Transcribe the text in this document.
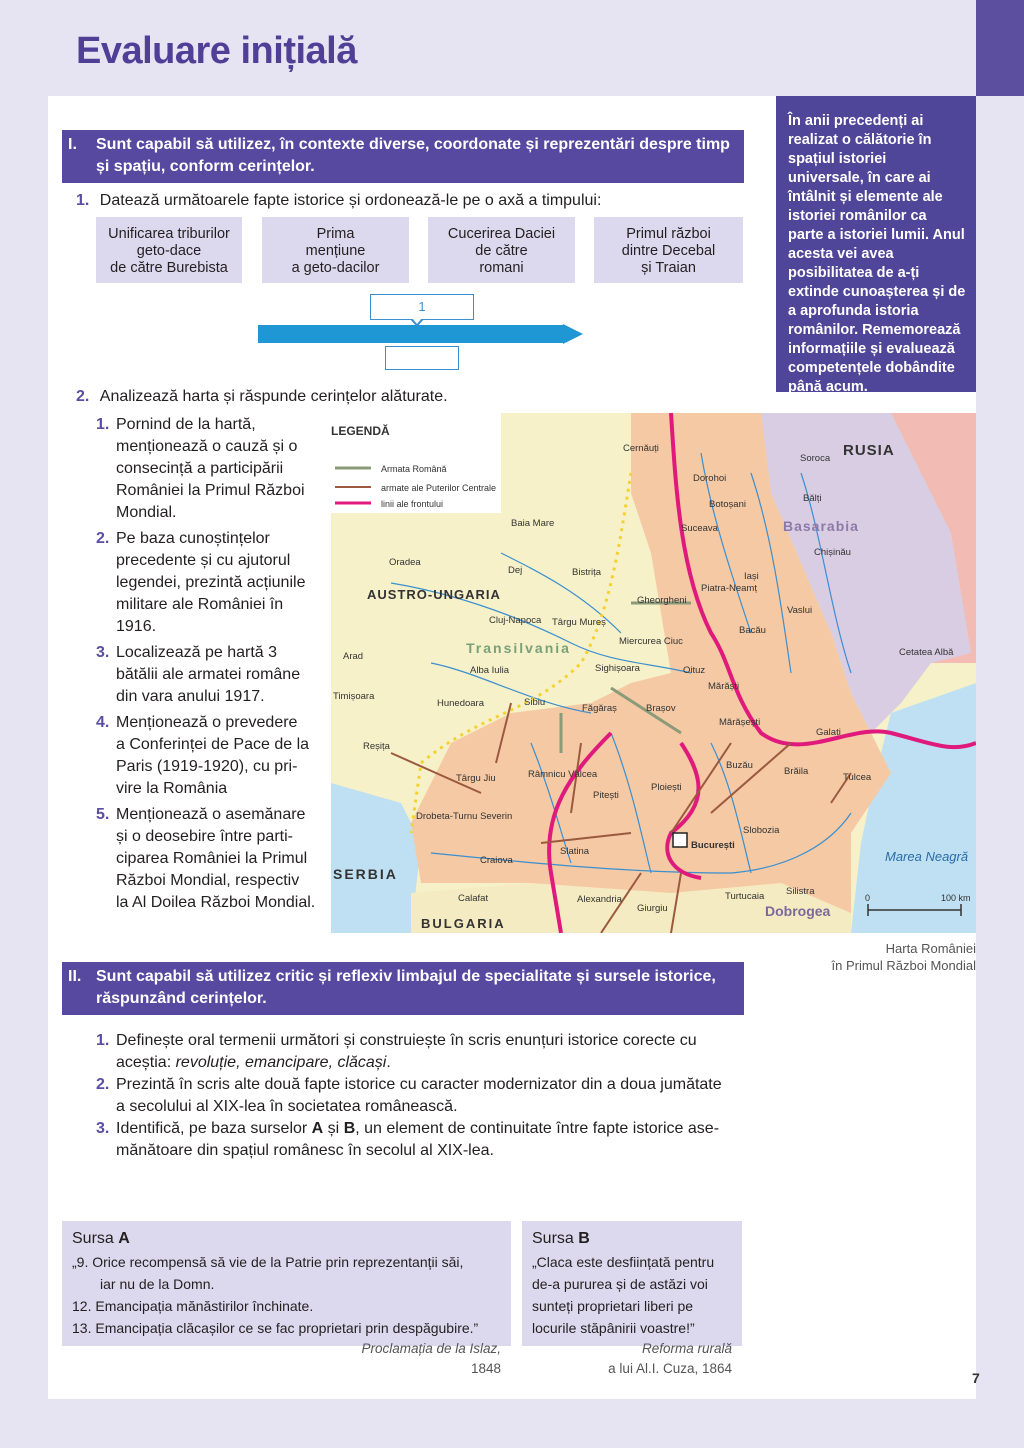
Evaluare inițială
În anii precedenți ai realizat o călătorie în spațiul istoriei universale, în care ai întâlnit și elemente ale istoriei românilor ca parte a istoriei lumii. Anul acesta vei avea posibilitatea de a-ți extinde cunoașterea și de a aprofunda istoria românilor. Rememorează informațiile și evaluează competențele dobândite până acum.
I. Sunt capabil să utilizez, în contexte diverse, coordonate și reprezentări despre timp și spațiu, conform cerințelor.
1. Datează următoarele fapte istorice și ordonează-le pe o axă a timpului:
Unificarea triburilor
geto-dace
de către Burebista
Prima
mențiune
a geto-dacilor
Cucerirea Daciei
de către
romani
Primul război
dintre Decebal
și Traian
1
2. Analizează harta și răspunde cerințelor alăturate.
1. Pornind de la hartă,
menționează o cauză și o
consecință a participării
României la Primul Război
Mondial.
2. Pe baza cunoștințelor
precedente și cu ajutorul
legendei, prezintă acțiunile
militare ale României în
1916.
3. Localizează pe hartă 3
bătălii ale armatei române
din vara anului 1917.
4. Menționează o prevedere
a Conferinței de Pace de la
Paris (1919-1920), cu pri-
vire la România
5. Menționează o asemănare
și o deosebire între parti-
ciparea României la Primul
Război Mondial, respectiv
la Al Doilea Război Mondial.
LEGENDĂ
Armata Română
armate ale Puterilor Centrale
linii ale frontului
RUSIA
Basarabia
AUSTRO-UNGARIA
Transilvania
SERBIA
BULGARIA
Dobrogea
Marea Neagră
Cernăuți
Dorohoi
Soroca
Bălți
Botoșani
Suceava
Chișinău
Baia Mare
Iași
Oradea
Dej	Bistrița
Piatra-Neamț
Vaslui
Cluj-Napoca Târgu Mureș
Gheorgheni
Bacău
Arad
Alba Iulia
Miercurea Ciuc
Sighișoara
Cetatea Albă
Oituz
Mărăști
Timișoara
Hunedoara	Sibiu
Făgăraș	Brașov
Mărășești
Galați
Reșița
Târgu Jiu	Râmnicu Vâlcea
Buzău
Brăila
Tulcea
Pitești
Ploiești
Drobeta-Turnu Severin
Slobozia
București
Slatina
Craiova
Alexandria
Giurgiu
Turtucaia Silistra
Calafat	0	100 km
Harta României
în Primul Război Mondial
II. Sunt capabil să utilizez critic și reflexiv limbajul de specialitate și sursele istorice, răspunzând cerințelor.
1. Definește oral termenii următori și construiește în scris enunțuri istorice corecte cu
aceștia: revoluție, emancipare, clăcași.
2. Prezintă în scris alte două fapte istorice cu caracter modernizator din a doua jumătate
a secolului al XIX-lea în societatea românească.
3. Identifică, pe baza surselor A și B, un element de continuitate între fapte istorice ase-
mănătoare din spațiul românesc în secolul al XIX-lea.
Sursa A
„9. Orice recompensă să vie de la Patrie prin reprezentanții săi,
iar nu de la Domn.
12. Emancipația mănăstirilor închinate.
13. Emancipația clăcașilor ce se fac proprietari prin despăgubire.”
Proclamația de la Islaz,
1848
Sursa B
„Claca este desființată pentru
de-a pururea și de astăzi voi
sunteți proprietari liberi pe
locurile stăpânirii voastre!”
Reforma rurală
a lui Al.I. Cuza, 1864
7
